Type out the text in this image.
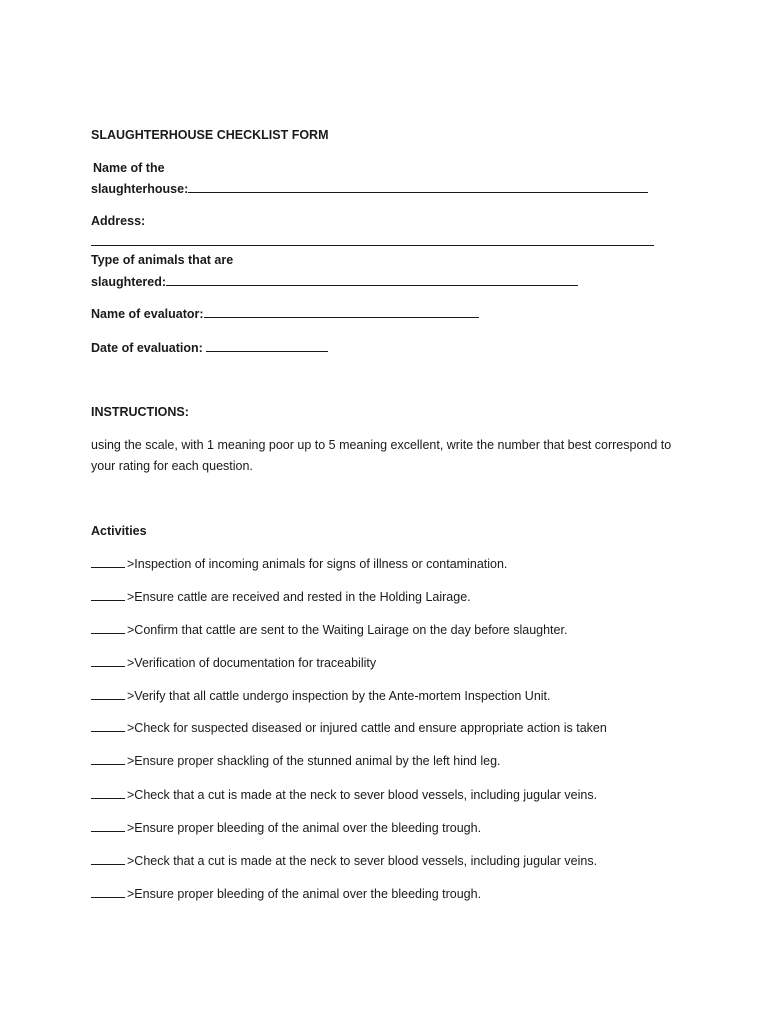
SLAUGHTERHOUSE CHECKLIST FORM
Name of the
slaughterhouse:
Address:
Type of animals that are
slaughtered:
Name of evaluator:
Date of evaluation:
INSTRUCTIONS:
using the scale, with 1 meaning poor up to 5 meaning excellent, write the number that best correspond to your rating for each question.
Activities
>Inspection of incoming animals for signs of illness or contamination.
>Ensure cattle are received and rested in the Holding Lairage.
>Confirm that cattle are sent to the Waiting Lairage on the day before slaughter.
>Verification of documentation for traceability
>Verify that all cattle undergo inspection by the Ante-mortem Inspection Unit.
>Check for suspected diseased or injured cattle and ensure appropriate action is taken
>Ensure proper shackling of the stunned animal by the left hind leg.
>Check that a cut is made at the neck to sever blood vessels, including jugular veins.
>Ensure proper bleeding of the animal over the bleeding trough.
>Check that a cut is made at the neck to sever blood vessels, including jugular veins.
>Ensure proper bleeding of the animal over the bleeding trough.
